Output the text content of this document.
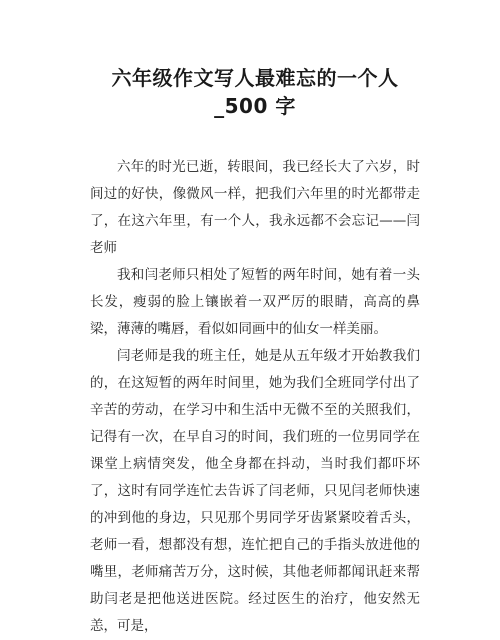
六年级作文写人最难忘的一个人_500 字

六年的时光已逝，转眼间，我已经长大了六岁，时间过的好快，像微风一样，把我们六年里的时光都带走了，在这六年里，有一个人，我永远都不会忘记——闫老师

我和闫老师只相处了短暂的两年时间，她有着一头长发，瘦弱的脸上镶嵌着一双严厉的眼睛，高高的鼻梁，薄薄的嘴唇，看似如同画中的仙女一样美丽。

闫老师是我的班主任，她是从五年级才开始教我们的，在这短暂的两年时间里，她为我们全班同学付出了辛苦的劳动，在学习中和生活中无微不至的关照我们，记得有一次，在早自习的时间，我们班的一位男同学在课堂上病情突发，他全身都在抖动，当时我们都吓坏了，这时有同学连忙去告诉了闫老师，只见闫老师快速的冲到他的身边，只见那个男同学牙齿紧紧咬着舌头，老师一看，想都没有想，连忙把自己的手指头放进他的嘴里，老师痛苦万分，这时候，其他老师都闻讯赶来帮助闫老是把他送进医院。经过医生的治疗，他安然无恙，可是，
